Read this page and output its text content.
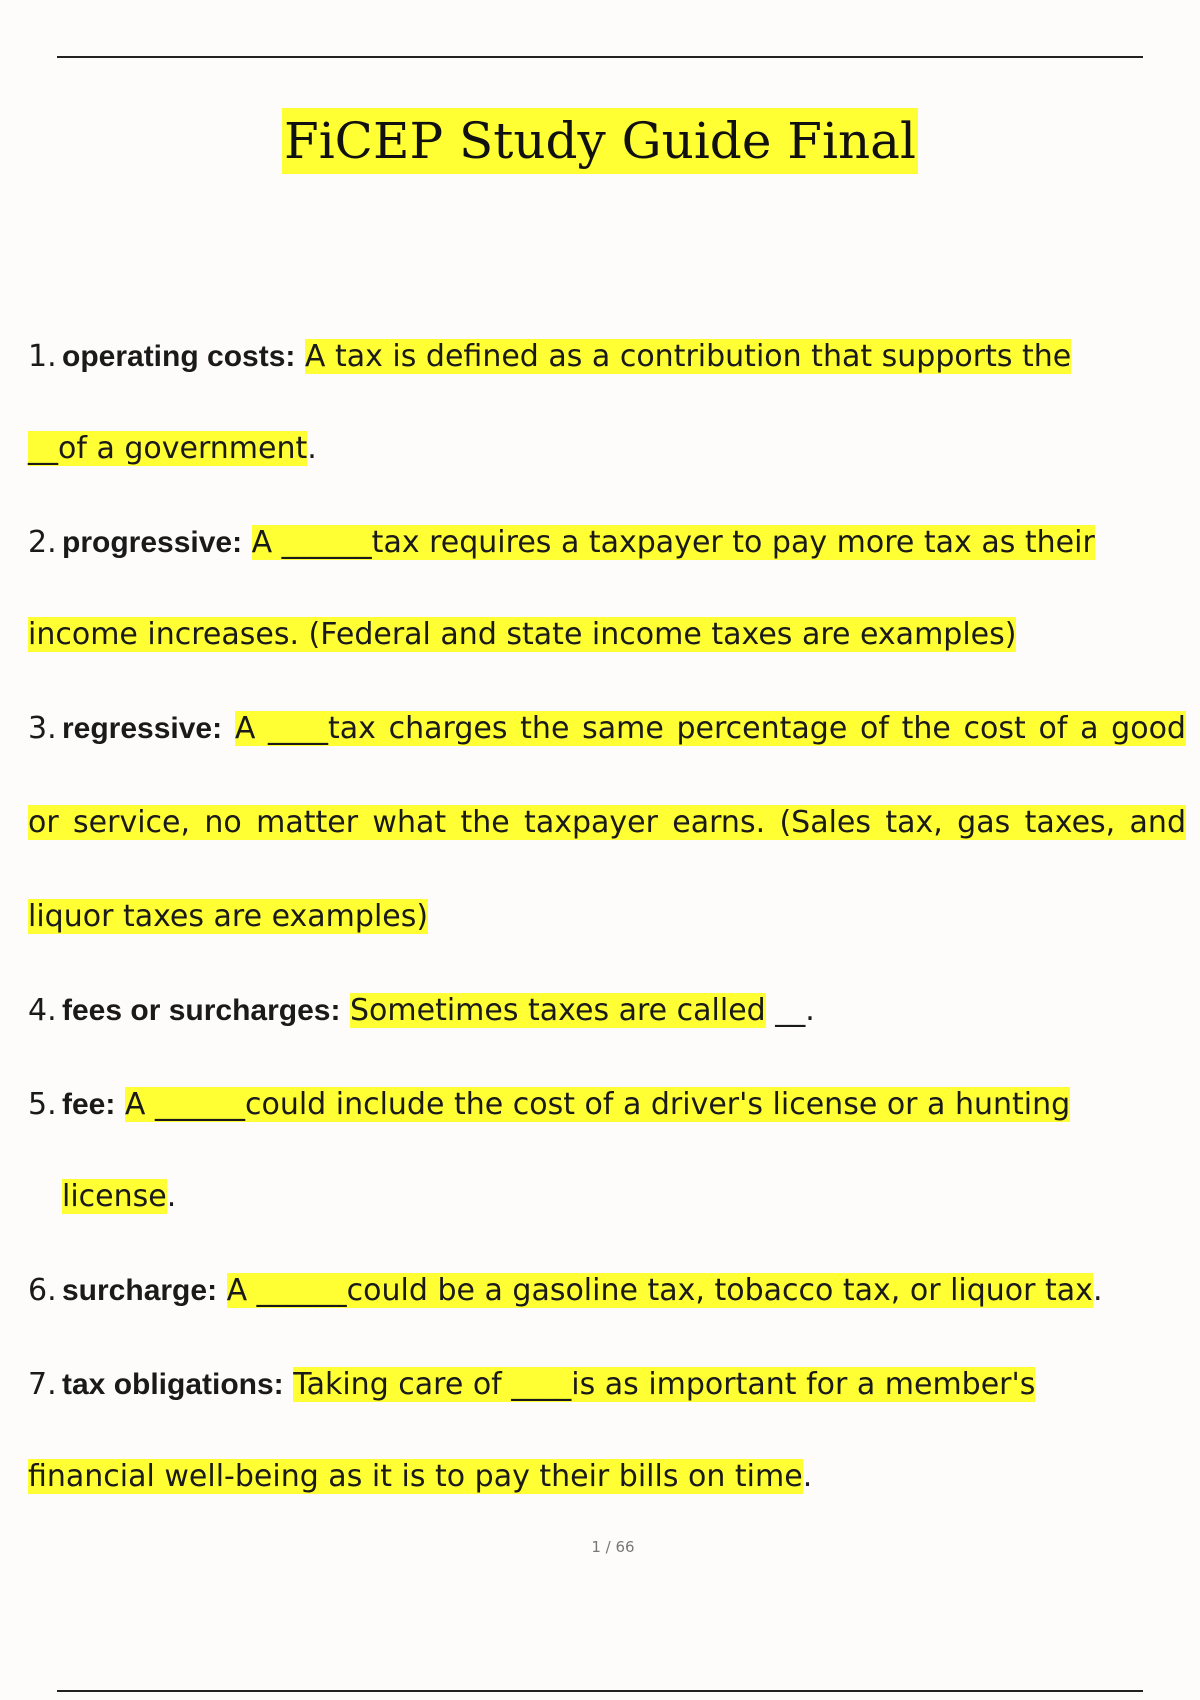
FiCEP Study Guide Final
1. operating costs: A tax is defined as a contribution that supports the
__of a government.
2. progressive: A ______tax requires a taxpayer to pay more tax as their
income increases. (Federal and state income taxes are examples)
3. regressive: A ____tax charges the same percentage of the cost of a good or service, no matter what the taxpayer earns. (Sales tax, gas taxes, and liquor taxes are examples)
4. fees or surcharges: Sometimes taxes are called __.
5. fee: A ______could include the cost of a driver's license or a hunting
license.
6. surcharge: A ______could be a gasoline tax, tobacco tax, or liquor tax.
7. tax obligations: Taking care of ____is as important for a member's
financial well-being as it is to pay their bills on time.
1 / 66
